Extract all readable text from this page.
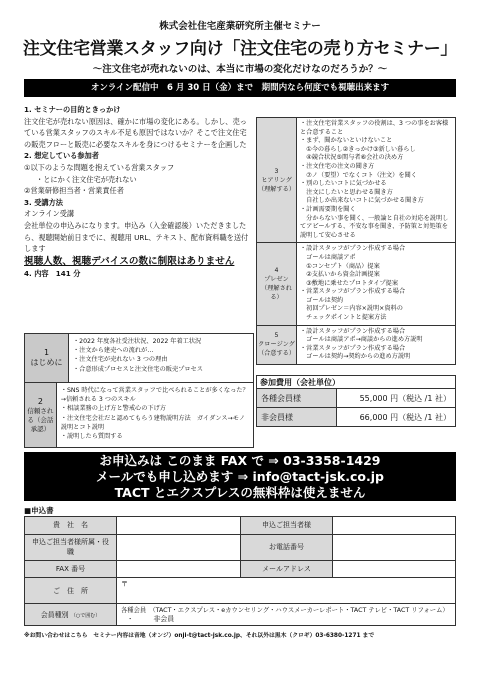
株式会社住宅産業研究所主催セミナー
注文住宅営業スタッフ向け「注文住宅の売り方セミナー」
～注文住宅が売れないのは、本当に市場の変化だけなのだろうか？～
オンライン配信中　6 月 30 日（金）まで　期間内なら何度でも視聴出来ます
1. セミナーの目的ときっかけ
注文住宅が売れない原因は、確かに市場の変化にある。しかし、売っている営業スタッフのスキル不足も原因ではないか？そこで注文住宅の販売フローと販売に必要なスキルを身につけるセミナーを企画した
2. 想定している参加者
①以下のような問題を抱えている営業スタッフ
・とにかく注文住宅が売れない
②営業研修担当者・営業責任者
3. 受講方法
オンライン受講
会社単位の申込みになります。申込み（入金確認後）いただきましたら、視聴開始前日までに、視聴用 URL、テキスト、配布資料職を送付します
視聴人数、視聴デバイスの数に制限はありません
4. 内容　141 分
1
はじめに
・2022 年度各社受注状況、2022 年着工状況
・注文から建売への流れが…
・注文住宅が売れない 3 つの理由
・合意形成プロセスと注文住宅の販売プロセス
2
信頼される（会話承認）
・SNS 時代になって営業スタッフで比べられることが多くなった？→信頼される 3 つのスキル
・相談業務の上げ方と警戒心の下げ方
・注文住宅会社だと認めてもらう建物説明方法　ガイダンス→モノ説明とコト説明
・説明したら質問する
3
ヒアリング
（理解する）
・注文住宅営業スタッフの役割は、3 つの事をお客様と合意すること
・まず、聞かないといけないこと
　①今の暮らし②きっかけ③新しい暮らし
　④競合状況⑤関与者⑥会社の決め方
・注文住宅の注文の聞き方
　⑦ノ（要望）でなくコト（注文）を聞く
・別のしたいコトに気づかせる
　注文にしたいと思わせる聞き方
　自社しか出来ないコトに気づかせる聞き方
・計画需要期を聞く
　分からない事を聞く、一般論と自社の対応を説明してアピールする、不安な事を聞き、予防策と対処策を説明して安心させる
4
プレゼン
（理解される）
・設計スタッフがプラン作成する場合
　ゴールは商談アポ
　①コンセプト（商品）提案
　②支払いから資金計画提案
　③敷地に乗せたプロトタイプ提案
・営業スタッフがプラン作成する場合
　ゴールは契約
　初回プレゼン＝内容×説明×資料の
　チェックポイントと提案方法
5
クロージング
（合意する）
・設計スタッフがプラン作成する場合
　ゴールは商談アポ→商談からの進め方説明
・営業スタッフがプラン作成する場合
　ゴールは契約→契約からの進め方説明
参加費用（会社単位）
各種会員様	55,000 円（税込 /1 社）
非会員様	66,000 円（税込 /1 社）
お申込みは このまま FAX で ⇒ 03-3358-1429
メールでも申し込めます ⇒ info@tact-jsk.co.jp
TACT とエクスプレスの無料枠は使えません
■申込書
貴　社　名		申込ご担当者様	
申込ご担当者様所属・役職		お電話番号	
FAX 番号		メールアドレス	
ご　住　所	〒		
会員種別 （○で囲む）	各種会員　（TACT・エクスプレス・eカウンセリング・ハウスメーカーレポート・TACT テレビ・TACT リフォーム） ・ 非会員		
※お問い合わせはこちら　セミナー内容は音地（オンジ）onji-t@tact-jsk.co.jp、それ以外は黒木（クロギ）03-6380-1271 まで
